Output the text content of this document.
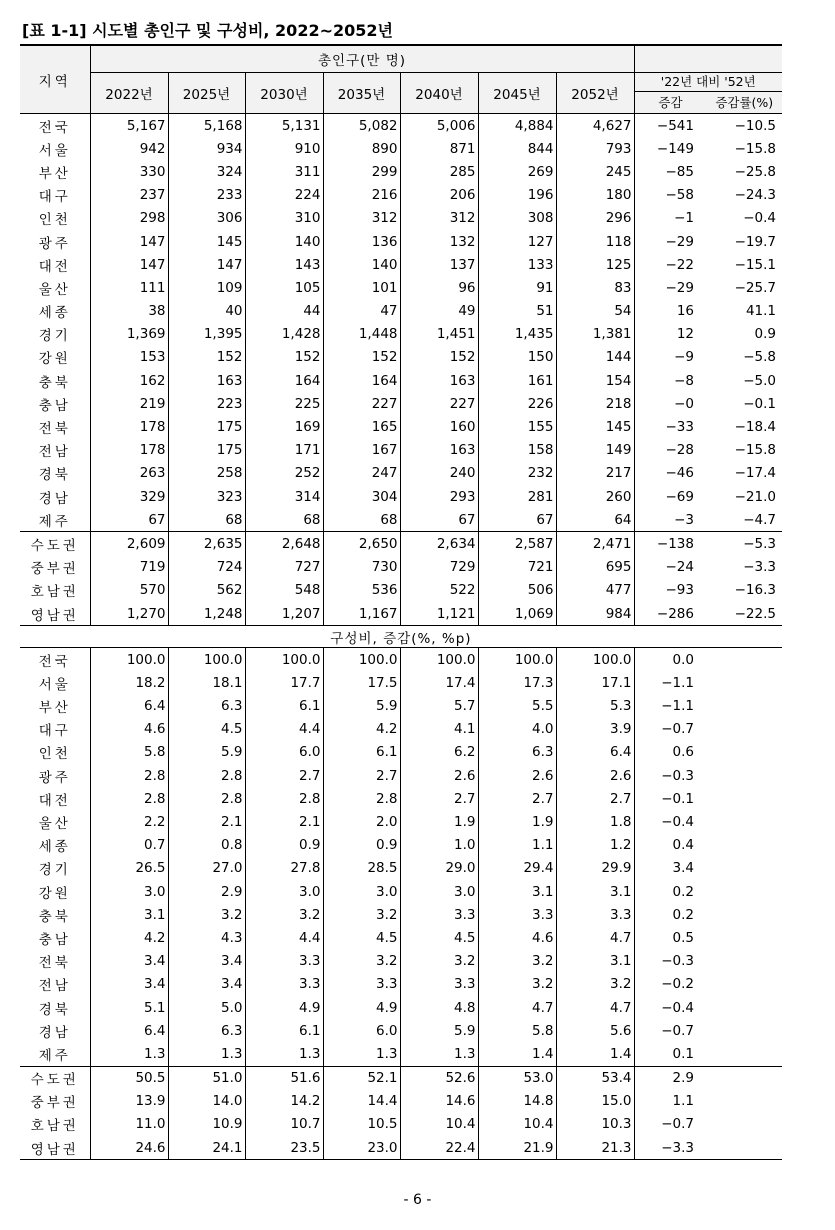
[표 1-1] 시도별 총인구 및 구성비, 2022~2052년
지역	총인구(만 명)								
	2022년	2025년	2030년	2035년	2040년	2045년	2052년	'22년 대비 '52년
증감 증감률(%)	

전국	5,167	5,168	5,131	5,082	5,006	4,884	4,627	−541	−10.5
서울	942	934	910	890	871	844	793	−149	−15.8
부산	330	324	311	299	285	269	245	−85	−25.8
대구	237	233	224	216	206	196	180	−58	−24.3
인천	298	306	310	312	312	308	296	−1	−0.4
광주	147	145	140	136	132	127	118	−29	−19.7
대전	147	147	143	140	137	133	125	−22	−15.1
울산	111	109	105	101	96	91	83	−29	−25.7
세종	38	40	44	47	49	51	54	16	41.1
경기	1,369	1,395	1,428	1,448	1,451	1,435	1,381	12	0.9
강원	153	152	152	152	152	150	144	−9	−5.8
충북	162	163	164	164	163	161	154	−8	−5.0
충남	219	223	225	227	227	226	218	−0	−0.1
전북	178	175	169	165	160	155	145	−33	−18.4
전남	178	175	171	167	163	158	149	−28	−15.8
경북	263	258	252	247	240	232	217	−46	−17.4
경남	329	323	314	304	293	281	260	−69	−21.0
제주	67	68	68	68	67	67	64	−3	−4.7
수도권	2,609	2,635	2,648	2,650	2,634	2,587	2,471	−138	−5.3
중부권	719	724	727	730	729	721	695	−24	−3.3
호남권	570	562	548	536	522	506	477	−93	−16.3
영남권	1,270	1,248	1,207	1,167	1,121	1,069	984	−286	−22.5
구성비, 증감(%, %p)									
전국	100.0	100.0	100.0	100.0	100.0	100.0	100.0	0.0	
서울	18.2	18.1	17.7	17.5	17.4	17.3	17.1	−1.1	
부산	6.4	6.3	6.1	5.9	5.7	5.5	5.3	−1.1	
대구	4.6	4.5	4.4	4.2	4.1	4.0	3.9	−0.7	
인천	5.8	5.9	6.0	6.1	6.2	6.3	6.4	0.6	
광주	2.8	2.8	2.7	2.7	2.6	2.6	2.6	−0.3	
대전	2.8	2.8	2.8	2.8	2.7	2.7	2.7	−0.1	
울산	2.2	2.1	2.1	2.0	1.9	1.9	1.8	−0.4	
세종	0.7	0.8	0.9	0.9	1.0	1.1	1.2	0.4	
경기	26.5	27.0	27.8	28.5	29.0	29.4	29.9	3.4	
강원	3.0	2.9	3.0	3.0	3.0	3.1	3.1	0.2	
충북	3.1	3.2	3.2	3.2	3.3	3.3	3.3	0.2	
충남	4.2	4.3	4.4	4.5	4.5	4.6	4.7	0.5	
전북	3.4	3.4	3.3	3.2	3.2	3.2	3.1	−0.3	
전남	3.4	3.4	3.3	3.3	3.3	3.2	3.2	−0.2	
경북	5.1	5.0	4.9	4.9	4.8	4.7	4.7	−0.4	
경남	6.4	6.3	6.1	6.0	5.9	5.8	5.6	−0.7	
제주	1.3	1.3	1.3	1.3	1.3	1.4	1.4	0.1	
수도권	50.5	51.0	51.6	52.1	52.6	53.0	53.4	2.9	
중부권	13.9	14.0	14.2	14.4	14.6	14.8	15.0	1.1	
호남권	11.0	10.9	10.7	10.5	10.4	10.4	10.3	−0.7	
영남권	24.6	24.1	23.5	23.0	22.4	21.9	21.3	−3.3	
- 6 -
